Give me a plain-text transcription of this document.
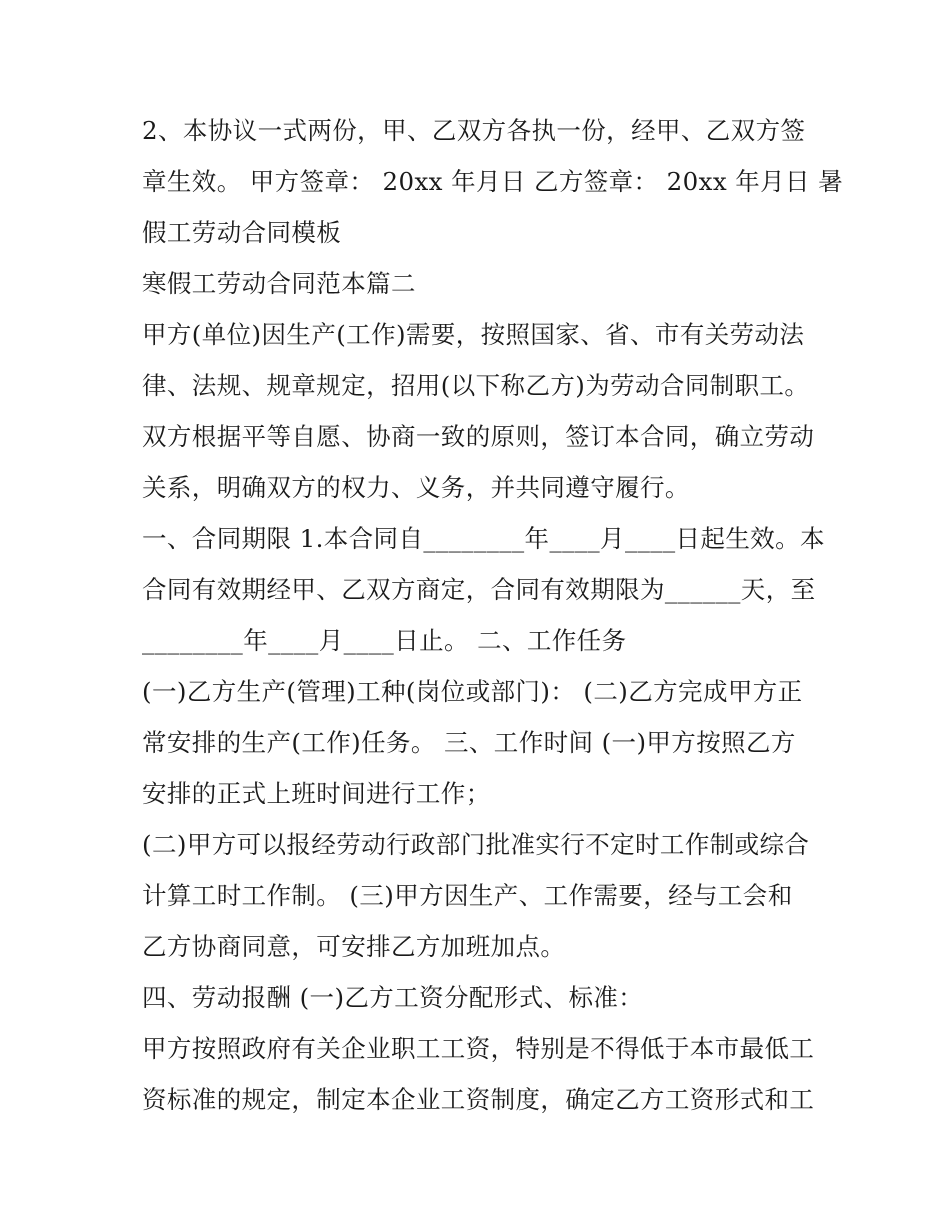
2、本协议一式两份，甲、乙双方各执一份，经甲、乙双方签
章生效。 甲方签章： 20xx 年月日 乙方签章： 20xx 年月日 暑
假工劳动合同模板
寒假工劳动合同范本篇二
甲方(单位)因生产(工作)需要，按照国家、省、市有关劳动法
律、法规、规章规定，招用(以下称乙方)为劳动合同制职工。
双方根据平等自愿、协商一致的原则，签订本合同，确立劳动
关系，明确双方的权力、义务，并共同遵守履行。
一、合同期限 1.本合同自________年____月____日起生效。本
合同有效期经甲、乙双方商定，合同有效期限为______天，至
________年____月____日止。 二、工作任务
(一)乙方生产(管理)工种(岗位或部门)： (二)乙方完成甲方正
常安排的生产(工作)任务。 三、工作时间 (一)甲方按照乙方
安排的正式上班时间进行工作；
(二)甲方可以报经劳动行政部门批准实行不定时工作制或综合
计算工时工作制。 (三)甲方因生产、工作需要，经与工会和
乙方协商同意，可安排乙方加班加点。
四、劳动报酬 (一)乙方工资分配形式、标准：
甲方按照政府有关企业职工工资，特别是不得低于本市最低工
资标准的规定，制定本企业工资制度，确定乙方工资形式和工
